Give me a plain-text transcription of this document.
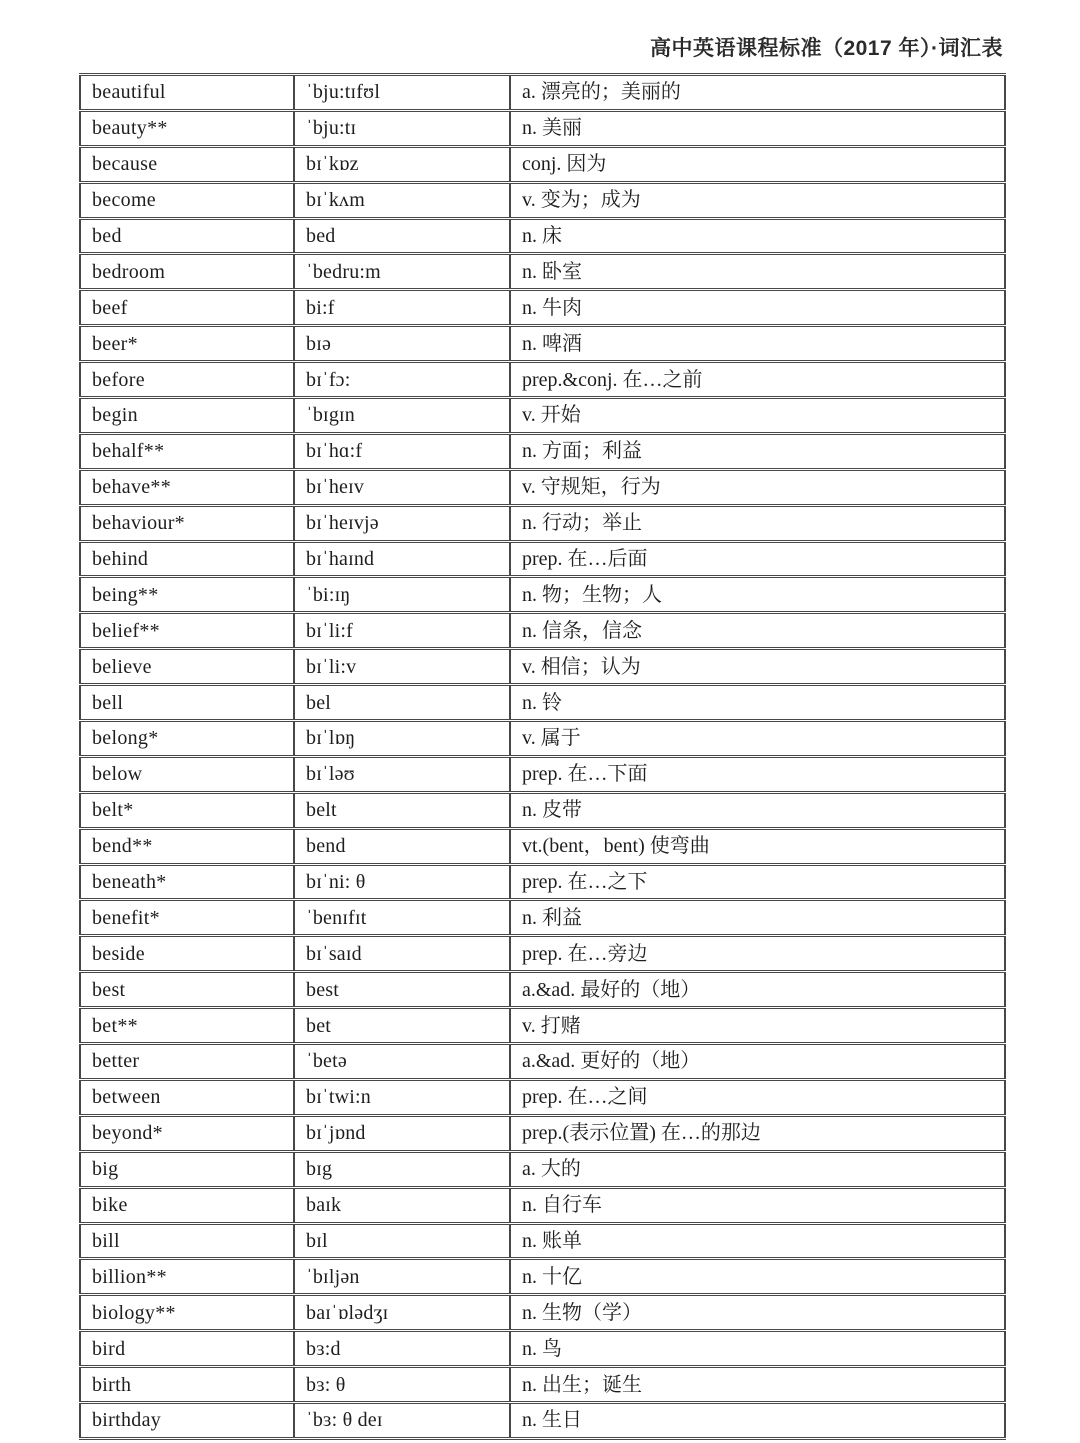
高中英语课程标准（2017 年）·词汇表
beautiful	ˈbju:tɪfʊl	a. 漂亮的；美丽的
beauty**	ˈbju:tɪ	n. 美丽
because	bɪˈkɒz	conj. 因为
become	bɪˈkʌm	v. 变为；成为
bed	bed	n. 床
bedroom	ˈbedru:m	n. 卧室
beef	bi:f	n. 牛肉
beer*	bɪə	n. 啤酒
before	bɪˈfɔ:	prep.&conj. 在…之前
begin	ˈbɪgɪn	v. 开始
behalf**	bɪˈhɑ:f	n. 方面；利益
behave**	bɪˈheɪv	v. 守规矩，行为
behaviour*	bɪˈheɪvjə	n. 行动；举止
behind	bɪˈhaɪnd	prep. 在…后面
being**	ˈbi:ɪŋ	n. 物；生物；人
belief**	bɪˈli:f	n. 信条，信念
believe	bɪˈli:v	v. 相信；认为
bell	bel	n. 铃
belong*	bɪˈlɒŋ	v. 属于
below	bɪˈləʊ	prep. 在…下面
belt*	belt	n. 皮带
bend**	bend	vt.(bent，bent) 使弯曲
beneath*	bɪˈni: θ	prep. 在…之下
benefit*	ˈbenɪfɪt	n. 利益
beside	bɪˈsaɪd	prep. 在…旁边
best	best	a.&ad. 最好的（地）
bet**	bet	v. 打赌
better	ˈbetə	a.&ad. 更好的（地）
between	bɪˈtwi:n	prep. 在…之间
beyond*	bɪˈjɒnd	prep.(表示位置) 在…的那边
big	bɪg	a. 大的
bike	baɪk	n. 自行车
bill	bɪl	n. 账单
billion**	ˈbɪljən	n. 十亿
biology**	baɪˈɒlədʒɪ	n. 生物（学）
bird	bɜ:d	n. 鸟
birth	bɜ: θ	n. 出生；诞生
birthday	ˈbɜ: θ deɪ	n. 生日
